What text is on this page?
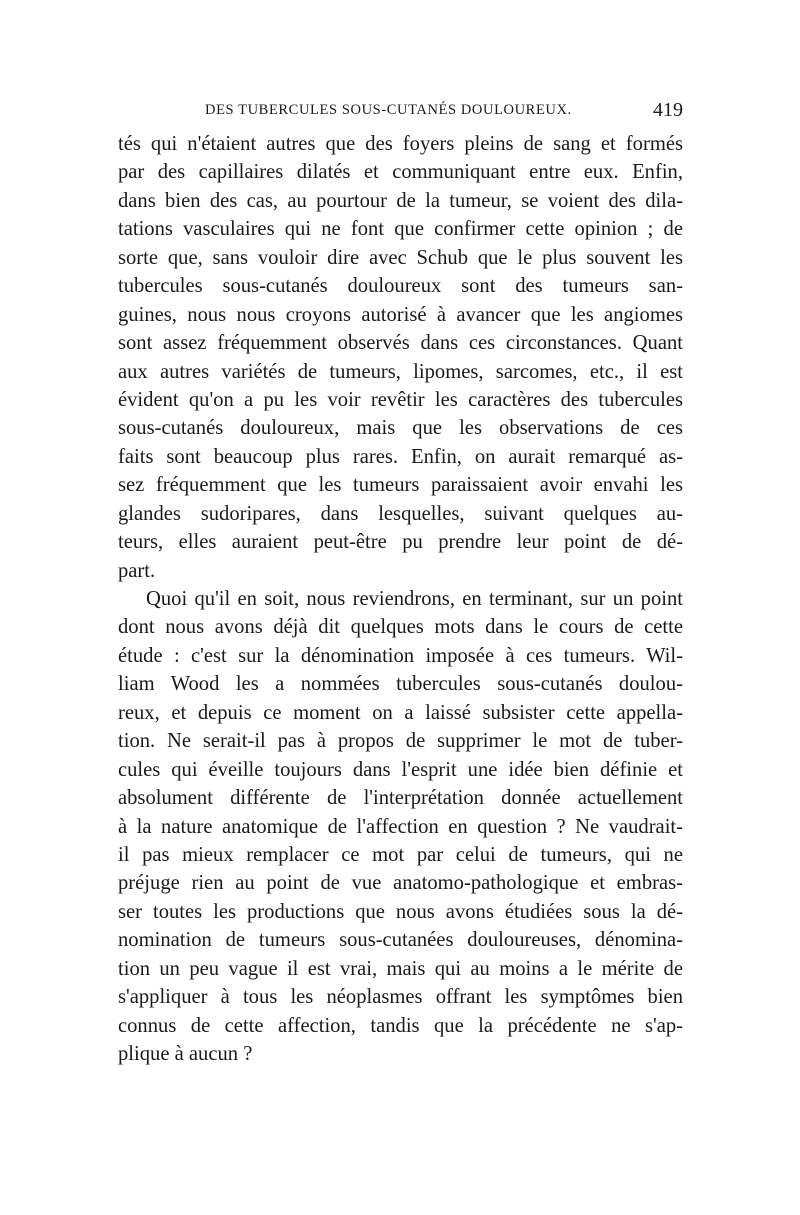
DES TUBERCULES SOUS-CUTANÉS DOULOUREUX.	419
tés qui n'étaient autres que des foyers pleins de sang et formés
par des capillaires dilatés et communiquant entre eux. Enfin,
dans bien des cas, au pourtour de la tumeur, se voient des dila-
tations vasculaires qui ne font que confirmer cette opinion ; de
sorte que, sans vouloir dire avec Schub que le plus souvent les
tubercules sous-cutanés douloureux sont des tumeurs san-
guines, nous nous croyons autorisé à avancer que les angiomes
sont assez fréquemment observés dans ces circonstances. Quant
aux autres variétés de tumeurs, lipomes, sarcomes, etc., il est
évident qu'on a pu les voir revêtir les caractères des tubercules
sous-cutanés douloureux, mais que les observations de ces
faits sont beaucoup plus rares. Enfin, on aurait remarqué as-
sez fréquemment que les tumeurs paraissaient avoir envahi les
glandes sudoripares, dans lesquelles, suivant quelques au-
teurs, elles auraient peut-être pu prendre leur point de dé-
part.
Quoi qu'il en soit, nous reviendrons, en terminant, sur un point
dont nous avons déjà dit quelques mots dans le cours de cette
étude : c'est sur la dénomination imposée à ces tumeurs. Wil-
liam Wood les a nommées tubercules sous-cutanés doulou-
reux, et depuis ce moment on a laissé subsister cette appella-
tion. Ne serait-il pas à propos de supprimer le mot de tuber-
cules qui éveille toujours dans l'esprit une idée bien définie et
absolument différente de l'interprétation donnée actuellement
à la nature anatomique de l'affection en question ? Ne vaudrait-
il pas mieux remplacer ce mot par celui de tumeurs, qui ne
préjuge rien au point de vue anatomo-pathologique et embras-
ser toutes les productions que nous avons étudiées sous la dé-
nomination de tumeurs sous-cutanées douloureuses, dénomina-
tion un peu vague il est vrai, mais qui au moins a le mérite de
s'appliquer à tous les néoplasmes offrant les symptômes bien
connus de cette affection, tandis que la précédente ne s'ap-
plique à aucun ?
